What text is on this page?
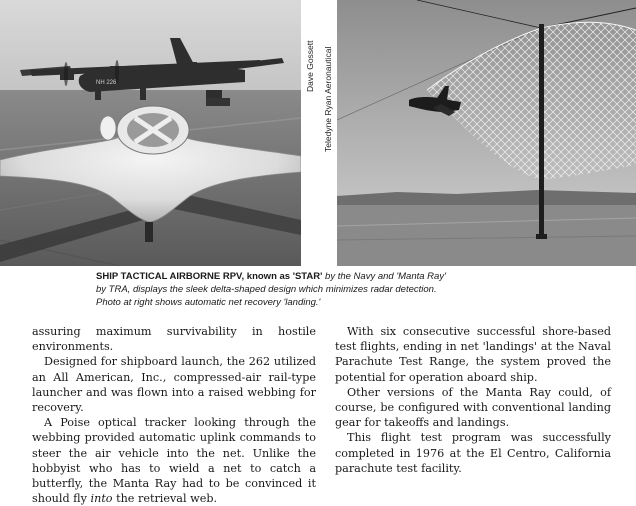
NH 226	Dave Gossett Teledyne Ryan Aeronautical
SHIP TACTICAL AIRBORNE RPV, known as 'STAR' by the Navy and 'Manta Ray'
by TRA, displays the sleek delta-shaped design which minimizes radar detection.
Photo at right shows automatic net recovery 'landing.'

assuring maximum survivability in hostile environments.

Designed for shipboard launch, the 262 utilized an All American, Inc., compressed-air rail-type launcher and was flown into a raised webbing for recovery.

A Poise optical tracker looking through the webbing provided automatic uplink commands to steer the air vehicle into the net. Unlike the hobbyist who has to wield a net to catch a butterfly, the Manta Ray had to be convinced it should fly into the retrieval web.

With six consecutive successful shore-based test flights, ending in net 'landings' at the Naval Parachute Test Range, the system proved the potential for operation aboard ship.

Other versions of the Manta Ray could, of course, be configured with conventional landing gear for takeoffs and landings.

This flight test program was successfully completed in 1976 at the El Centro, California parachute test facility.
